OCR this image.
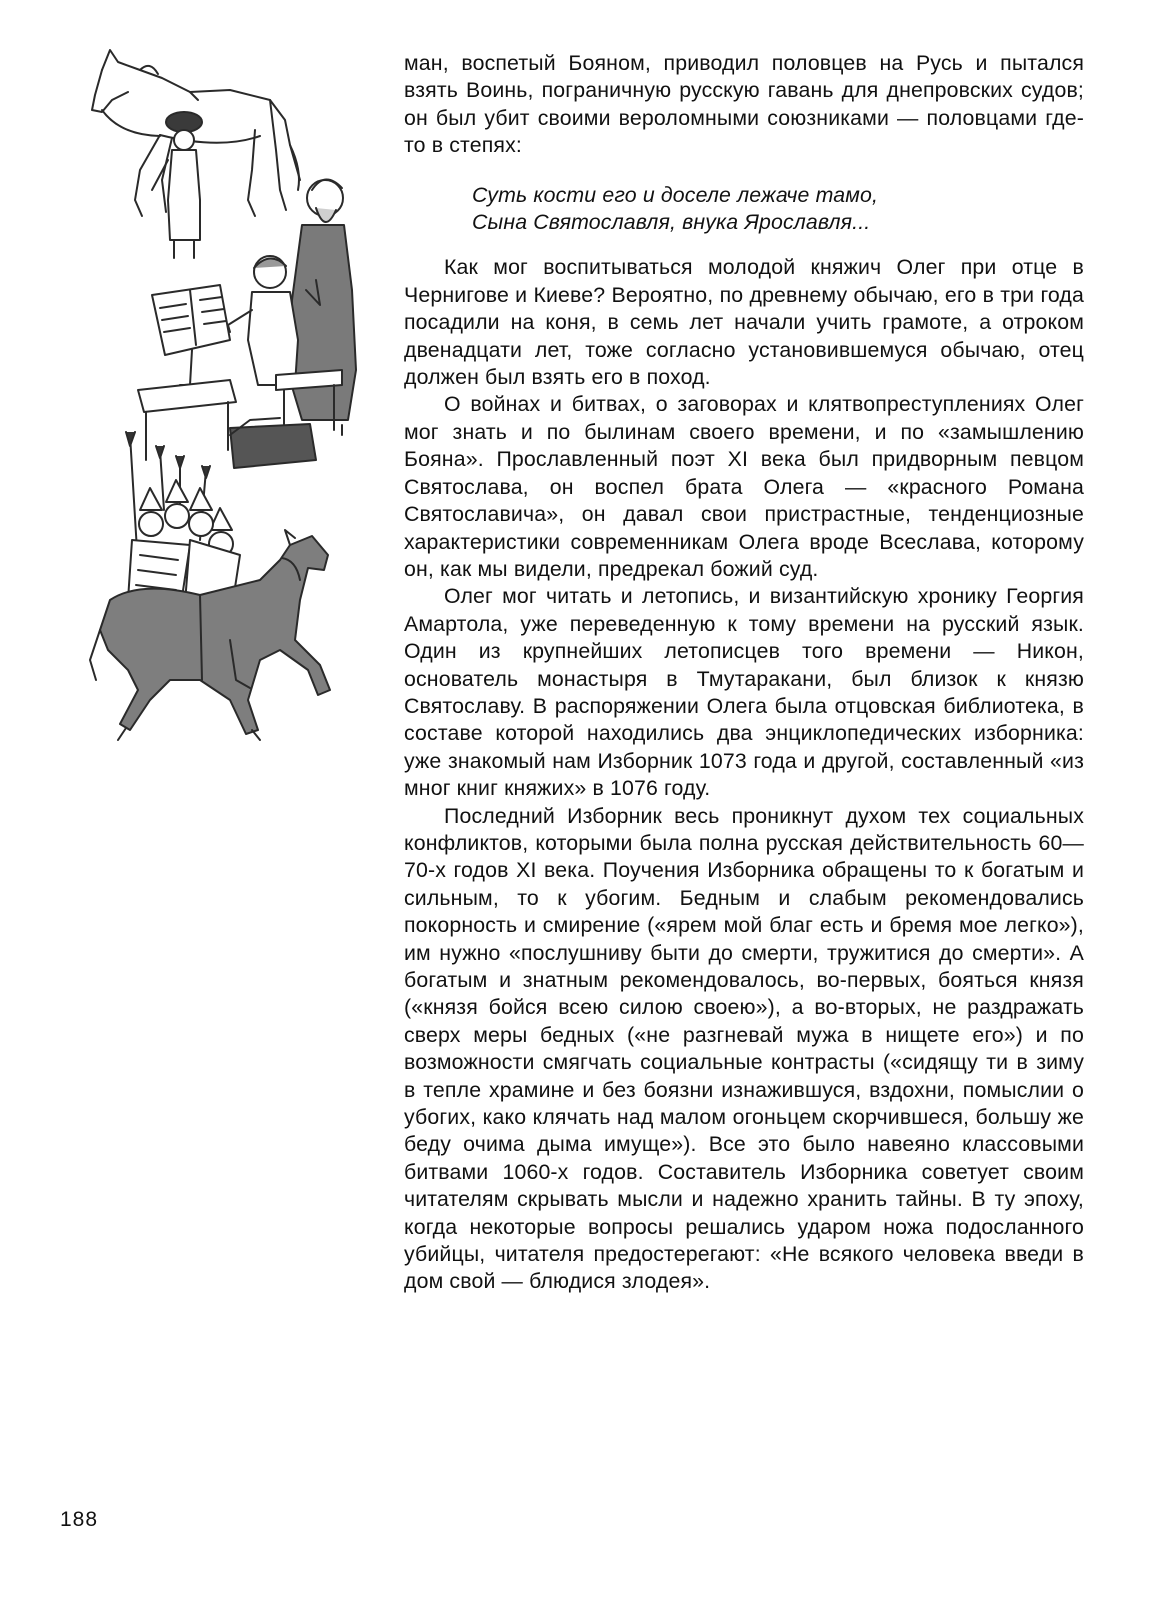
ман, воспетый Бояном, приводил половцев на Русь и пытался взять Воинь, пограничную русскую гавань для днепровских судов; он был убит своими вероломными союзниками — половцами где-то в степях:

Суть кости его и доселе лежаче тамо,
Сына Святославля, внука Ярославля...

Как мог воспитываться молодой княжич Олег при отце в Чернигове и Киеве? Вероятно, по древнему обычаю, его в три года посадили на коня, в семь лет начали учить грамоте, а отроком двенадцати лет, тоже согласно установившемуся обычаю, отец должен был взять его в поход.

О войнах и битвах, о заговорах и клятвопреступлениях Олег мог знать и по былинам своего времени, и по «замышлению Бояна». Прославленный поэт XI века был придворным певцом Святослава, он воспел брата Олега — «красного Романа Святославича», он давал свои пристрастные, тенденциозные характеристики современникам Олега вроде Всеслава, которому он, как мы видели, предрекал божий суд.

Олег мог читать и летопись, и византийскую хронику Георгия Амартола, уже переведенную к тому времени на русский язык. Один из крупнейших летописцев того времени — Никон, основатель монастыря в Тмутаракани, был близок к князю Святославу. В распоряжении Олега была отцовская библиотека, в составе которой находились два энциклопедических изборника: уже знакомый нам Изборник 1073 года и другой, составленный «из мног книг княжих» в 1076 году.

Последний Изборник весь проникнут духом тех социальных конфликтов, которыми была полна русская действительность 60—70-х годов XI века. Поучения Изборника обращены то к богатым и сильным, то к убогим. Бедным и слабым рекомендовались покорность и смирение («ярем мой благ есть и бремя мое легко»), им нужно «послушниву быти до смерти, тружитися до смерти». А богатым и знатным рекомендовалось, во-первых, бояться князя («князя бойся всею силою своею»), а во-вторых, не раздражать сверх меры бедных («не разгневай мужа в нищете его») и по возможности смягчать социальные контрасты («сидящу ти в зиму в тепле храмине и без боязни изнажившуся, вздохни, помыслии о убогих, како клячать над малом огоньцем скорчившеся, большу же беду очима дыма имуще»). Все это было навеяно классовыми битвами 1060-х годов. Составитель Изборника советует своим читателям скрывать мысли и надежно хранить тайны. В ту эпоху, когда некоторые вопросы решались ударом ножа подосланного убийцы, читателя предостерегают: «Не всякого человека введи в дом свой — блюдися злодея».

188
